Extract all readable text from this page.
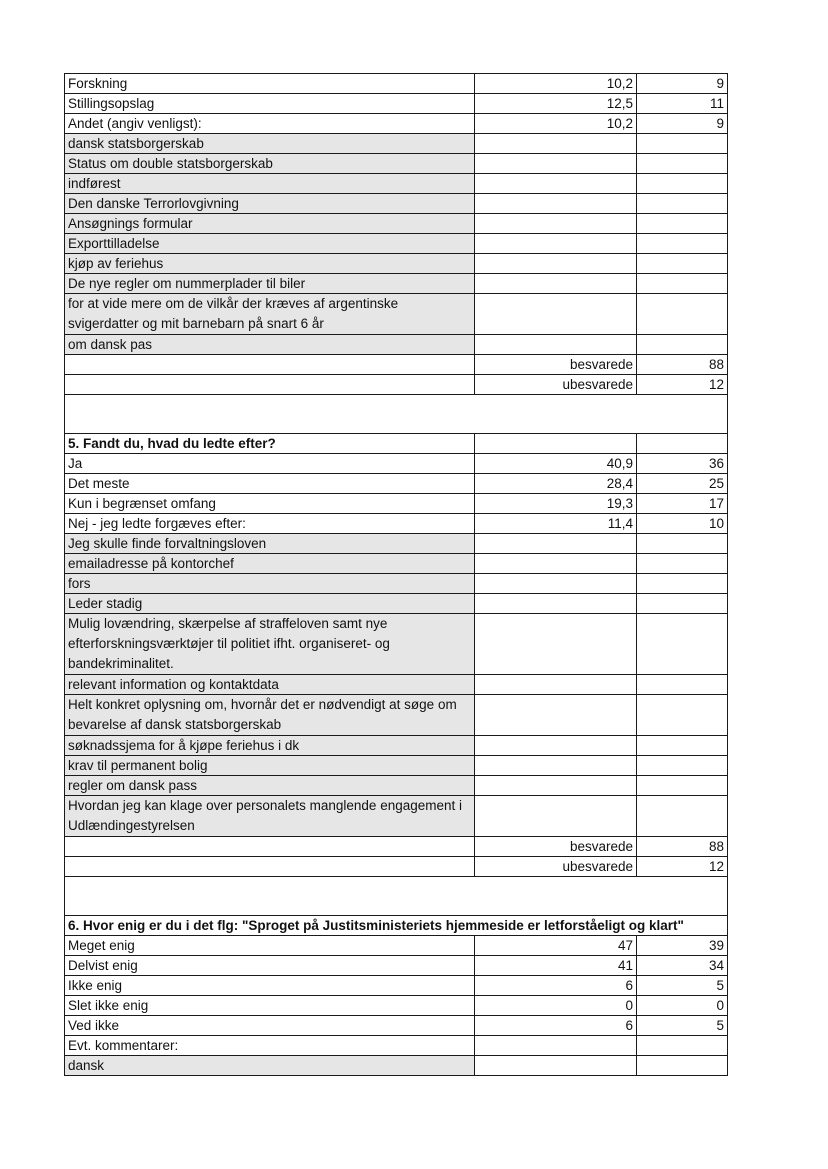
Forskning	10,2	9
Stillingsopslag	12,5	11
Andet (angiv venligst):	10,2	9
dansk statsborgerskab		
Status om double statsborgerskab		
indførest		
Den danske Terrorlovgivning		
Ansøgnings formular		
Exporttilladelse		
kjøp av feriehus		
De nye regler om nummerplader til biler		
for at vide mere om de vilkår der kræves af argentinske svigerdatter og mit barnebarn på snart 6 år		
om dansk pas		
	besvarede	88
	ubesvarede	12

5. Fandt du, hvad du ledte efter?		
Ja	40,9	36
Det meste	28,4	25
Kun i begrænset omfang	19,3	17
Nej - jeg ledte forgæves efter:	11,4	10
Jeg skulle finde forvaltningsloven		
emailadresse på kontorchef		
fors		
Leder stadig		
Mulig lovændring, skærpelse af straffeloven samt nye efterforskningsværktøjer til politiet ifht. organiseret- og bandekriminalitet.		
relevant information og kontaktdata		
Helt konkret oplysning om, hvornår det er nødvendigt at søge om bevarelse af dansk statsborgerskab		
søknadssjema for å kjøpe feriehus i dk		
krav til permanent bolig		
regler om dansk pass		
Hvordan jeg kan klage over personalets manglende engagement i Udlændingestyrelsen		
	besvarede	88
	ubesvarede	12

6. Hvor enig er du i det flg: "Sproget på Justitsministeriets hjemmeside er letforståeligt og klart"		
Meget enig	47	39
Delvist enig	41	34
Ikke enig	6	5
Slet ikke enig	0	0
Ved ikke	6	5
Evt. kommentarer:		
dansk		
